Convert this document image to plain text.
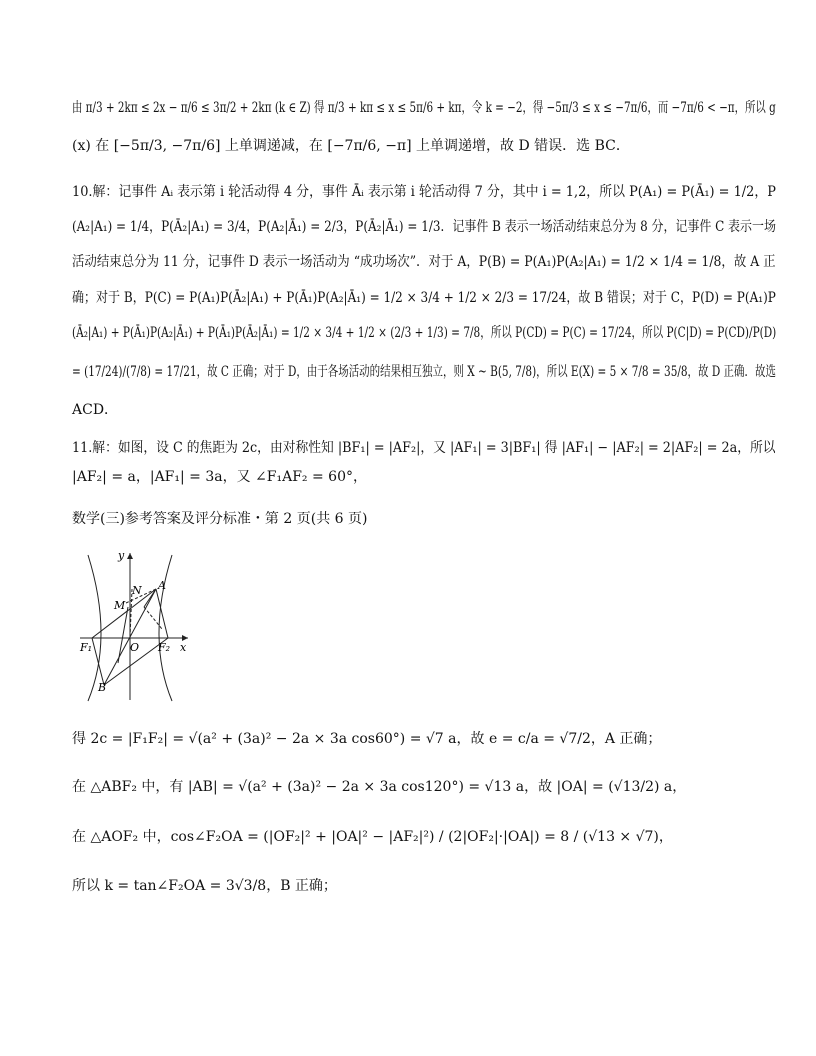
由 π/3 + 2kπ ≤ 2x − π/6 ≤ 3π/2 + 2kπ (k ∈ Z) 得 π/3 + kπ ≤ x ≤ 5π/6 + kπ，令 k = −2，得 −5π/3 ≤ x ≤ −7π/6，而 −7π/6 < −π，所以 g
(x) 在 [−5π/3, −7π/6] 上单调递减，在 [−7π/6, −π] 上单调递增，故 D 错误．选 BC．
10.解：记事件 Aᵢ 表示第 i 轮活动得 4 分，事件 Āᵢ 表示第 i 轮活动得 7 分，其中 i = 1,2，所以 P(A₁) = P(Ā₁) = 1/2，P
(A₂|A₁) = 1/4，P(Ā₂|A₁) = 3/4，P(A₂|Ā₁) = 2/3，P(Ā₂|Ā₁) = 1/3．记事件 B 表示一场活动结束总分为 8 分，记事件 C 表示一场
活动结束总分为 11 分，记事件 D 表示一场活动为 “成功场次”．对于 A，P(B) = P(A₁)P(A₂|A₁) = 1/2 × 1/4 = 1/8，故 A 正
确；对于 B，P(C) = P(A₁)P(Ā₂|A₁) + P(Ā₁)P(A₂|Ā₁) = 1/2 × 3/4 + 1/2 × 2/3 = 17/24，故 B 错误；对于 C，P(D) = P(A₁)P
(Ā₂|A₁) + P(Ā₁)P(A₂|Ā₁) + P(Ā₁)P(Ā₂|Ā₁) = 1/2 × 3/4 + 1/2 × (2/3 + 1/3) = 7/8，所以 P(CD) = P(C) = 17/24，所以 P(C|D) = P(CD)/P(D)
= (17/24)/(7/8) = 17/21，故 C 正确；对于 D，由于各场活动的结果相互独立，则 X ~ B(5, 7/8)，所以 E(X) = 5 × 7/8 = 35/8，故 D 正确．故选
ACD．
11.解：如图，设 C 的焦距为 2c，由对称性知 |BF₁| = |AF₂|，又 |AF₁| = 3|BF₁| 得 |AF₁| − |AF₂| = 2|AF₂| = 2a，所以
|AF₂| = a，|AF₁| = 3a，又 ∠F₁AF₂ = 60°，
数学(三)参考答案及评分标准・第 2 页(共 6 页)
y
x
A
B
M
N
O
F₁	F₂
得 2c = |F₁F₂| = √(a² + (3a)² − 2a × 3a cos60°) = √7 a，故 e = c/a = √7/2，A 正确；
在 △ABF₂ 中，有 |AB| = √(a² + (3a)² − 2a × 3a cos120°) = √13 a，故 |OA| = (√13/2) a，
在 △AOF₂ 中，cos∠F₂OA = (|OF₂|² + |OA|² − |AF₂|²) / (2|OF₂|·|OA|) = 8 / (√13 × √7)，
所以 k = tan∠F₂OA = 3√3/8，B 正确；
